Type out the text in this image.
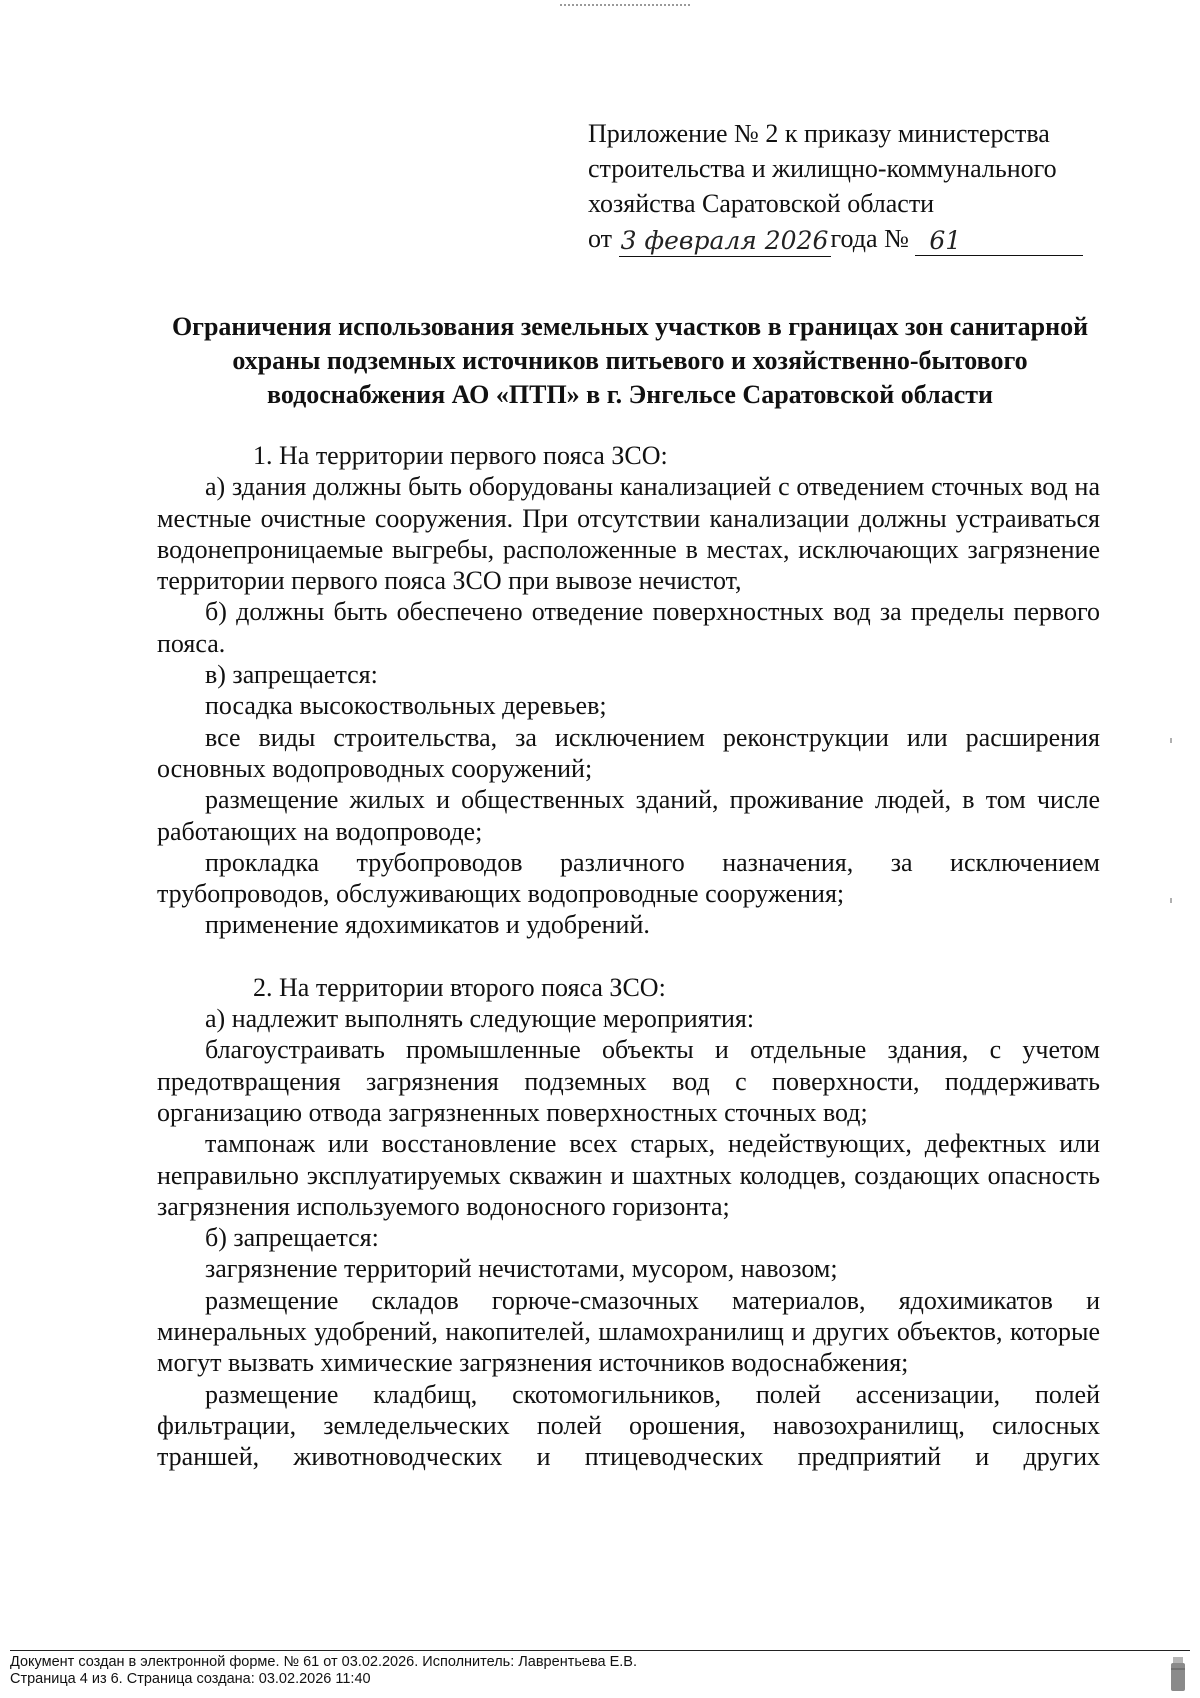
Приложение № 2 к приказу министерства
строительства и жилищно-коммунального
хозяйства Саратовской области
от 3 февраля 2026года № 61
Ограничения использования земельных участков в границах зон санитарной охраны подземных источников питьевого и хозяйственно-бытового водоснабжения АО «ПТП» в г. Энгельсе Саратовской области

1. На территории первого пояса ЗСО:

а) здания должны быть оборудованы канализацией с отведением сточных вод на местные очистные сооружения. При отсутствии канализации должны устраиваться водонепроницаемые выгребы, расположенные в местах, исключающих загрязнение территории первого пояса ЗСО при вывозе нечистот,

б) должны быть обеспечено отведение поверхностных вод за пределы первого пояса.

в) запрещается:

посадка высокоствольных деревьев;

все виды строительства, за исключением реконструкции или расширения основных водопроводных сооружений;

размещение жилых и общественных зданий, проживание людей, в том числе работающих на водопроводе;

прокладка трубопроводов различного назначения, за исключением трубопроводов, обслуживающих водопроводные сооружения;

применение ядохимикатов и удобрений.

2. На территории второго пояса ЗСО:

а) надлежит выполнять следующие мероприятия:

благоустраивать промышленные объекты и отдельные здания, с учетом предотвращения загрязнения подземных вод с поверхности, поддерживать организацию отвода загрязненных поверхностных сточных вод;

тампонаж или восстановление всех старых, недействующих, дефектных или неправильно эксплуатируемых скважин и шахтных колодцев, создающих опасность загрязнения используемого водоносного горизонта;

б) запрещается:

загрязнение территорий нечистотами, мусором, навозом;

размещение складов горюче-смазочных материалов, ядохимикатов и минеральных удобрений, накопителей, шламохранилищ и других объектов, которые могут вызвать химические загрязнения источников водоснабжения;

размещение кладбищ, скотомогильников, полей ассенизации, полей фильтрации, земледельческих полей орошения, навозохранилищ, силосных траншей, животноводческих и птицеводческих предприятий и других

Документ создан в электронной форме. № 61 от 03.02.2026. Исполнитель: Лаврентьева Е.В.
Страница 4 из 6. Страница создана: 03.02.2026 11:40
